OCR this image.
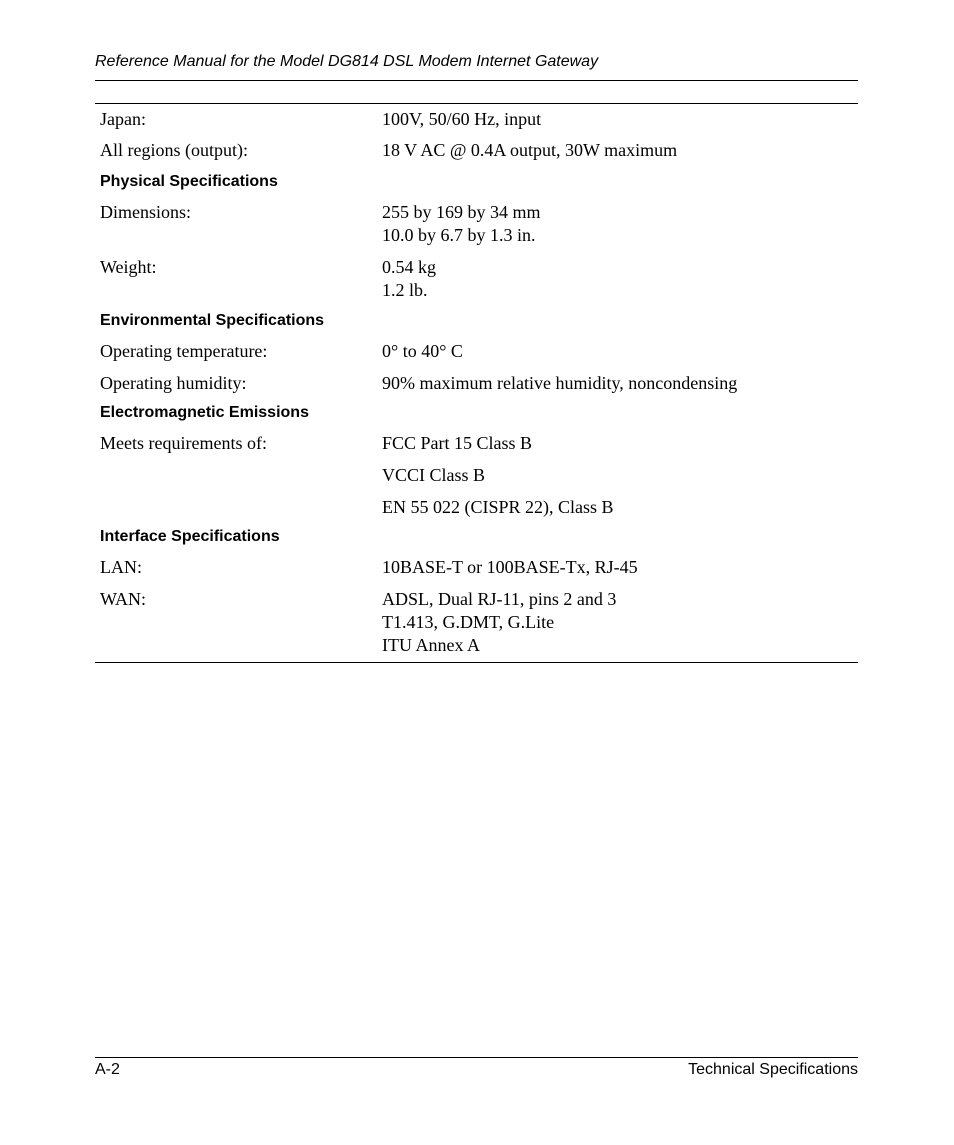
Reference Manual for the Model DG814 DSL Modem Internet Gateway
Japan:	100V, 50/60 Hz, input
All regions (output):	18 V AC @ 0.4A output, 30W maximum
Physical Specifications
Dimensions:	255 by 169 by 34 mm
10.0 by 6.7 by 1.3 in.
Weight:	0.54 kg
1.2 lb.
Environmental Specifications
Operating temperature:	0° to 40° C
Operating humidity:	90% maximum relative humidity, noncondensing
Electromagnetic Emissions
Meets requirements of:	FCC Part 15 Class B
VCCI Class B
EN 55 022 (CISPR 22), Class B
Interface Specifications
LAN:	10BASE-T or 100BASE-Tx, RJ-45
WAN:	ADSL, Dual RJ-11, pins 2 and 3
T1.413, G.DMT, G.Lite
ITU Annex A
A-2	Technical Specifications
